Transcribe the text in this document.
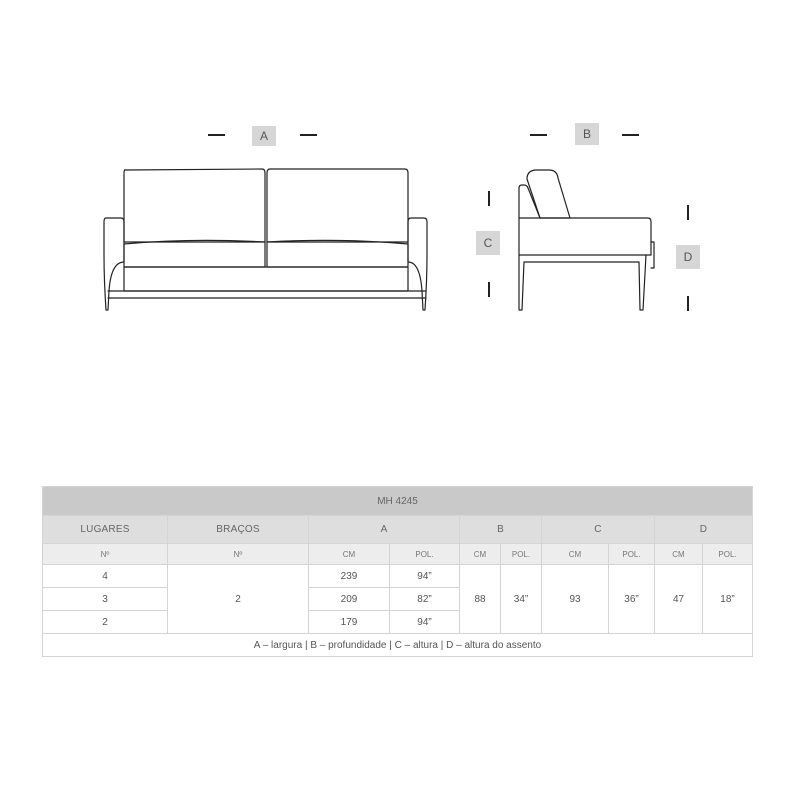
A	B
C
D
MH 4245									
LUGARES	BRAÇOS	A		B		C		D	
Nº	Nº	CM	POL.	CM	POL.	CM	POL.	CM	POL.
4	2	239	94”	88	34”	93	36”	47	18”
3		209	82”						
2		179	94”						
A – largura | B – profundidade | C – altura | D – altura do assento									
